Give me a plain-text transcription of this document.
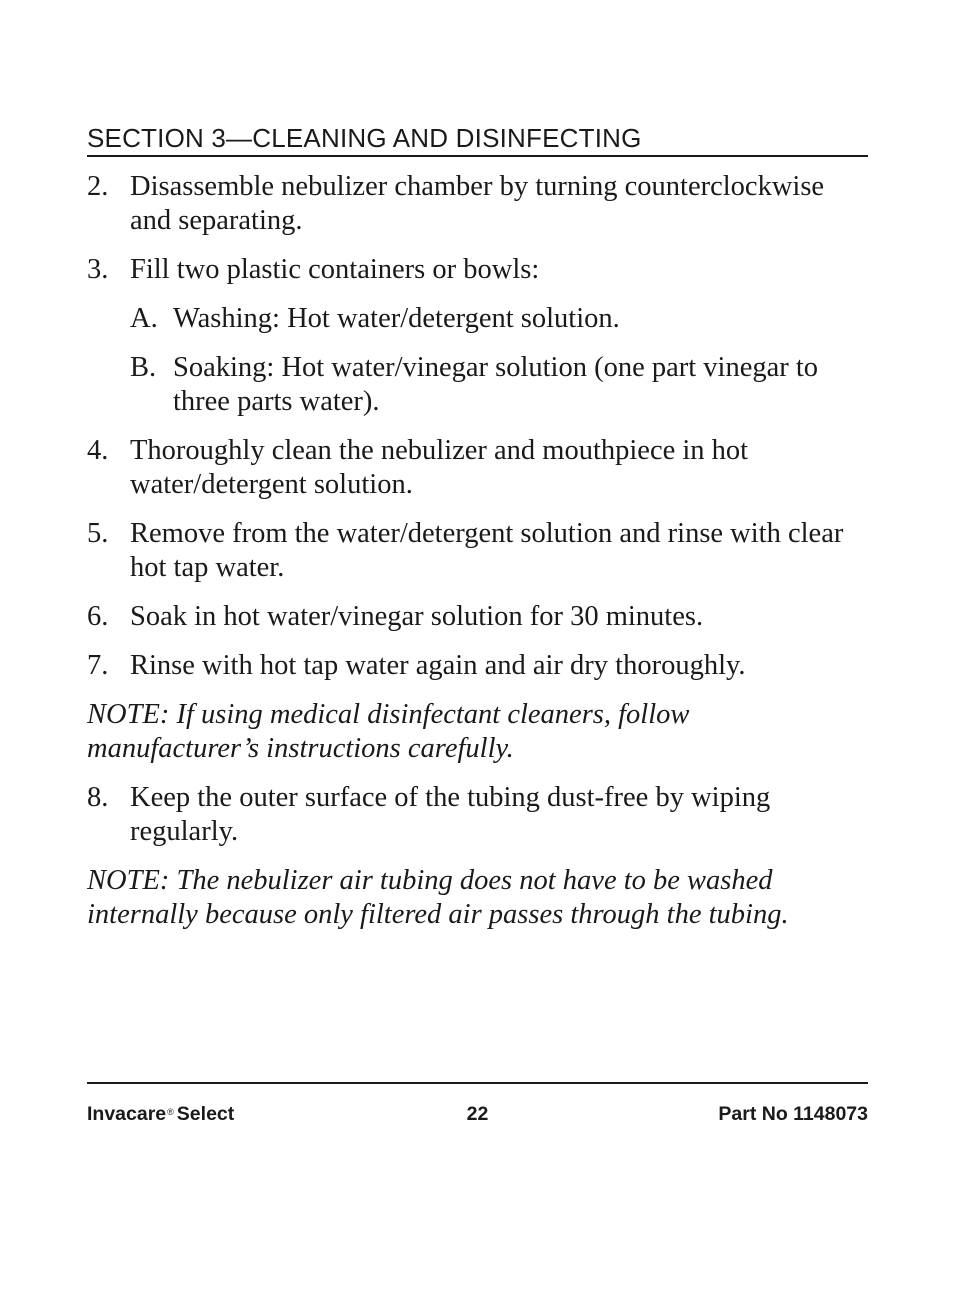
SECTION 3—CLEANING AND DISINFECTING
2. Disassemble nebulizer chamber by turning counterclockwise and separating.
3. Fill two plastic containers or bowls:
A. Washing: Hot water/detergent solution.
B. Soaking: Hot water/vinegar solution (one part vinegar to three parts water).
4. Thoroughly clean the nebulizer and mouthpiece in hot water/detergent solution.
5. Remove from the water/detergent solution and rinse with clear hot tap water.
6. Soak in hot water/vinegar solution for 30 minutes.
7. Rinse with hot tap water again and air dry thoroughly.
NOTE: If using medical disinfectant cleaners, follow manufacturer’s instructions carefully.
8. Keep the outer surface of the tubing dust-free by wiping regularly.
NOTE: The nebulizer air tubing does not have to be washed internally because only filtered air passes through the tubing.
Invacare® Select	22	Part No 1148073
